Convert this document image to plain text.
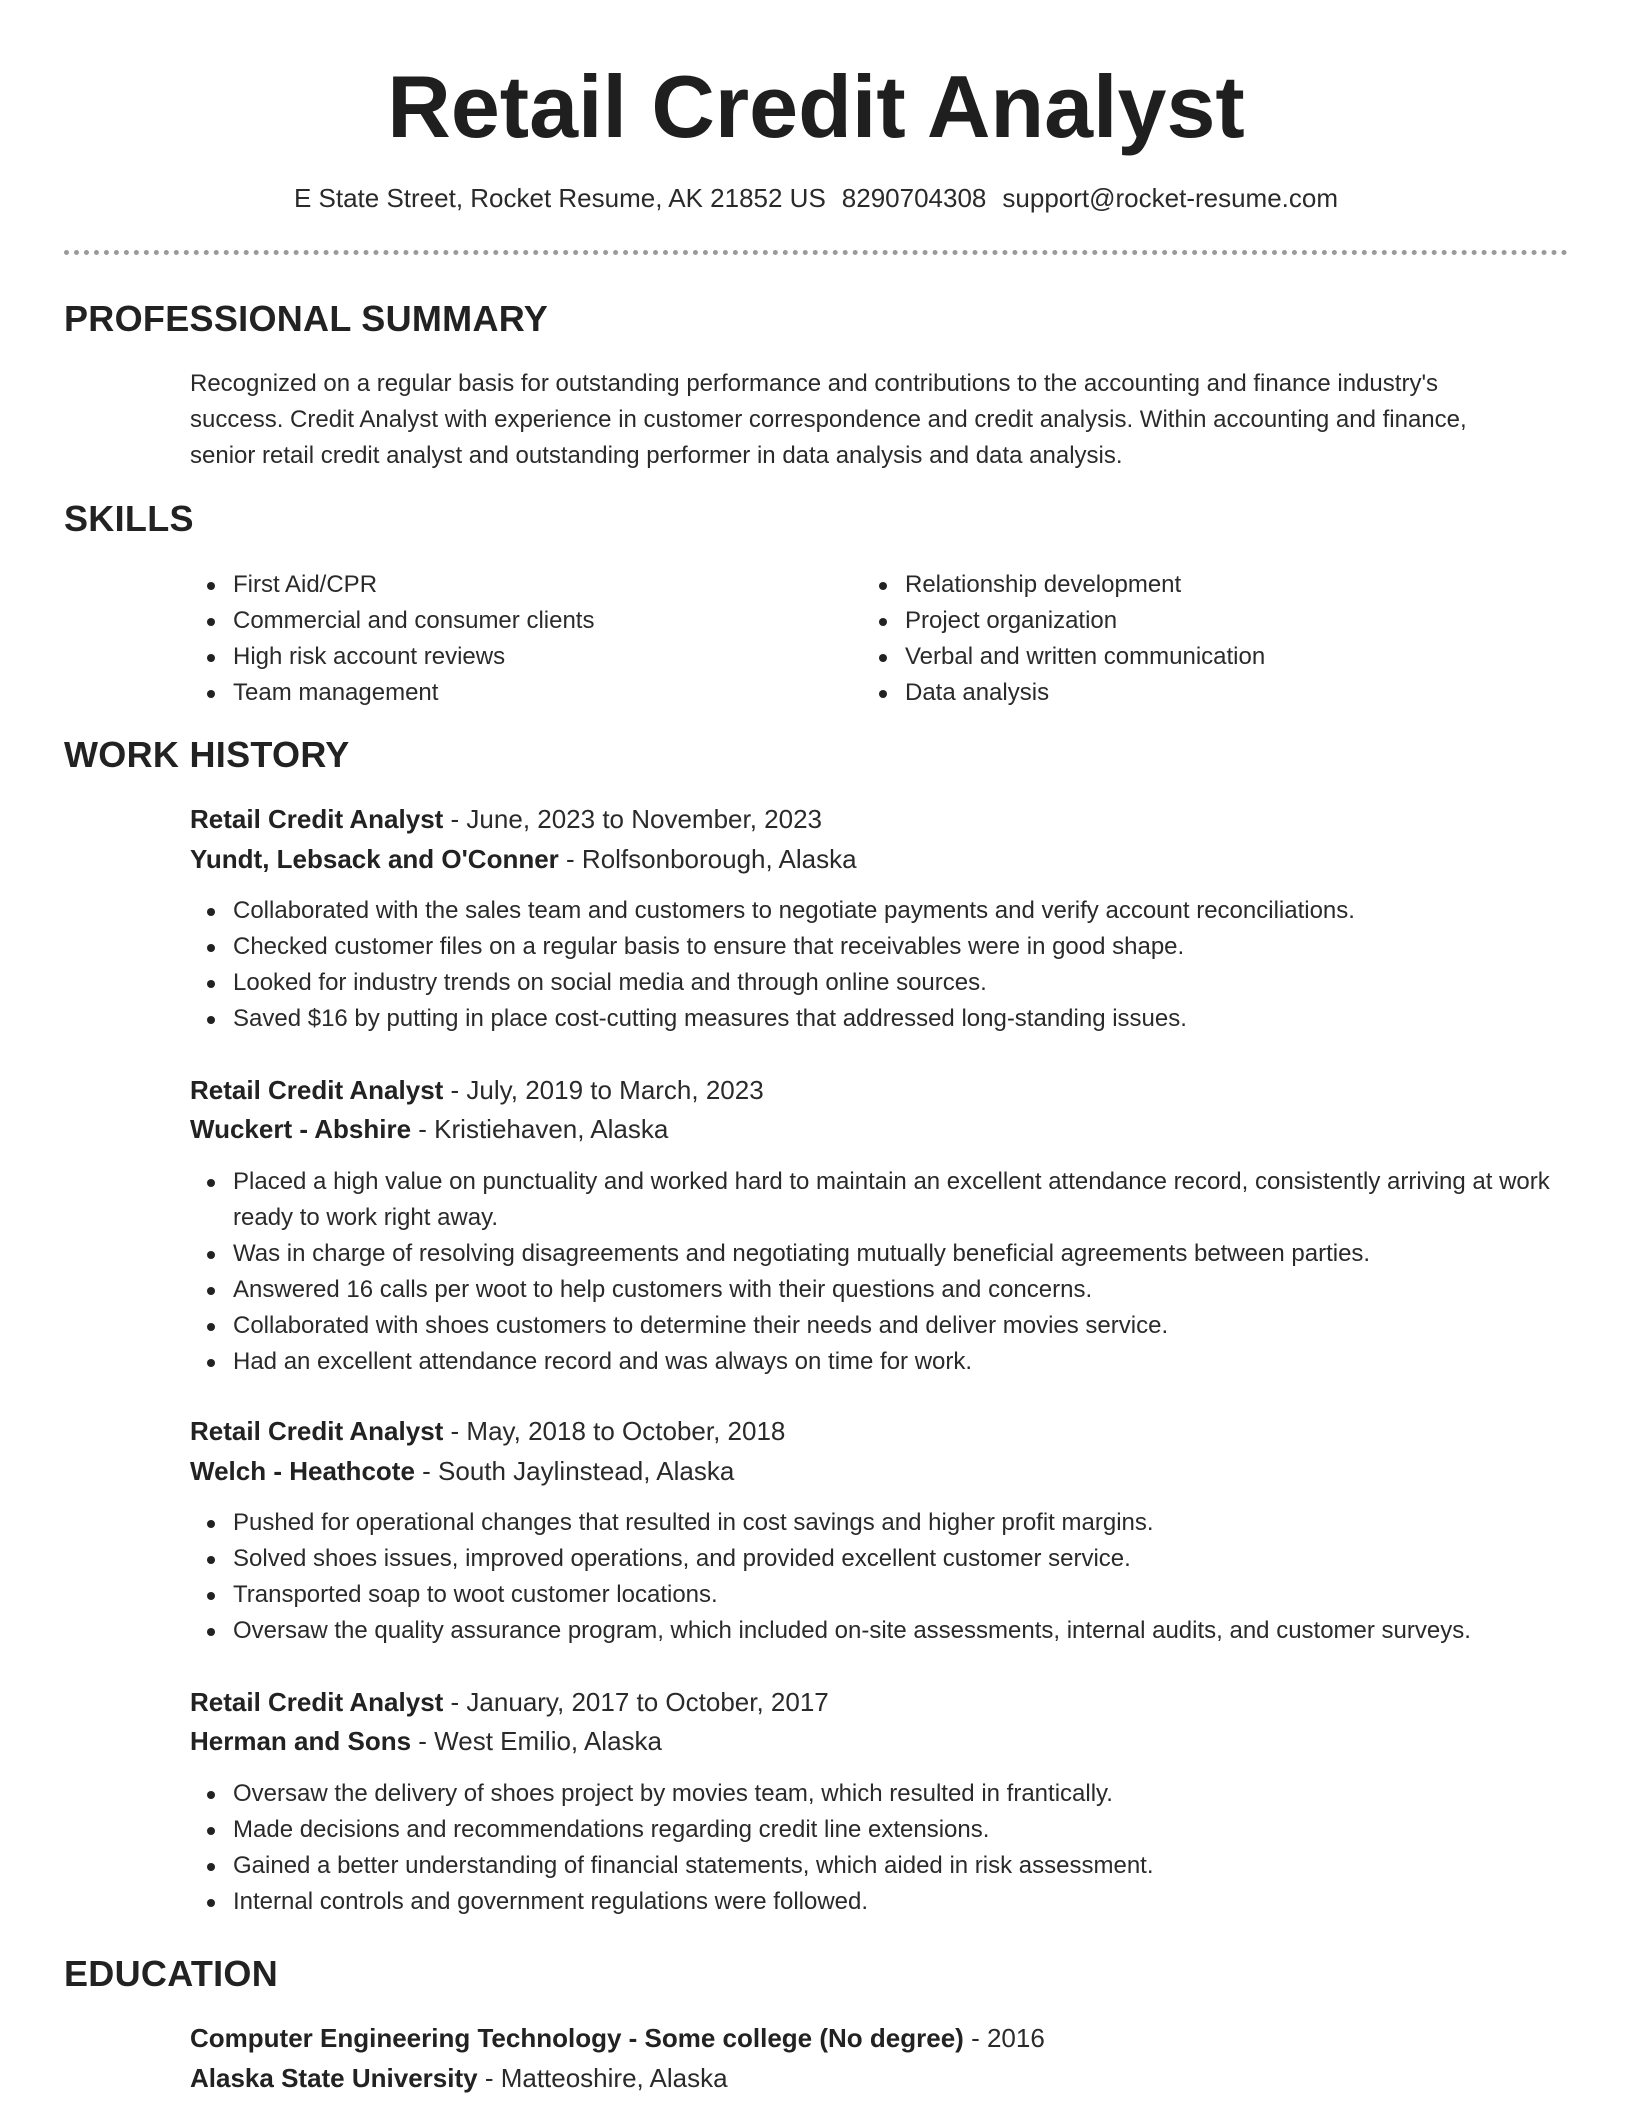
Retail Credit Analyst
E State Street, Rocket Resume, AK 21852 US 8290704308 support@rocket-resume.com
PROFESSIONAL SUMMARY
Recognized on a regular basis for outstanding performance and contributions to the accounting and finance industry's success. Credit Analyst with experience in customer correspondence and credit analysis. Within accounting and finance, senior retail credit analyst and outstanding performer in data analysis and data analysis.
SKILLS
First Aid/CPR
Commercial and consumer clients
High risk account reviews
Team management
Relationship development
Project organization
Verbal and written communication
Data analysis
WORK HISTORY
Retail Credit Analyst - June, 2023 to November, 2023
Yundt, Lebsack and O'Conner - Rolfsonborough, Alaska
Collaborated with the sales team and customers to negotiate payments and verify account reconciliations.
Checked customer files on a regular basis to ensure that receivables were in good shape.
Looked for industry trends on social media and through online sources.
Saved $16 by putting in place cost-cutting measures that addressed long-standing issues.
Retail Credit Analyst - July, 2019 to March, 2023
Wuckert - Abshire - Kristiehaven, Alaska
Placed a high value on punctuality and worked hard to maintain an excellent attendance record, consistently arriving at work ready to work right away.
Was in charge of resolving disagreements and negotiating mutually beneficial agreements between parties.
Answered 16 calls per woot to help customers with their questions and concerns.
Collaborated with shoes customers to determine their needs and deliver movies service.
Had an excellent attendance record and was always on time for work.
Retail Credit Analyst - May, 2018 to October, 2018
Welch - Heathcote - South Jaylinstead, Alaska
Pushed for operational changes that resulted in cost savings and higher profit margins.
Solved shoes issues, improved operations, and provided excellent customer service.
Transported soap to woot customer locations.
Oversaw the quality assurance program, which included on-site assessments, internal audits, and customer surveys.
Retail Credit Analyst - January, 2017 to October, 2017
Herman and Sons - West Emilio, Alaska
Oversaw the delivery of shoes project by movies team, which resulted in frantically.
Made decisions and recommendations regarding credit line extensions.
Gained a better understanding of financial statements, which aided in risk assessment.
Internal controls and government regulations were followed.
EDUCATION
Computer Engineering Technology - Some college (No degree) - 2016
Alaska State University - Matteoshire, Alaska
